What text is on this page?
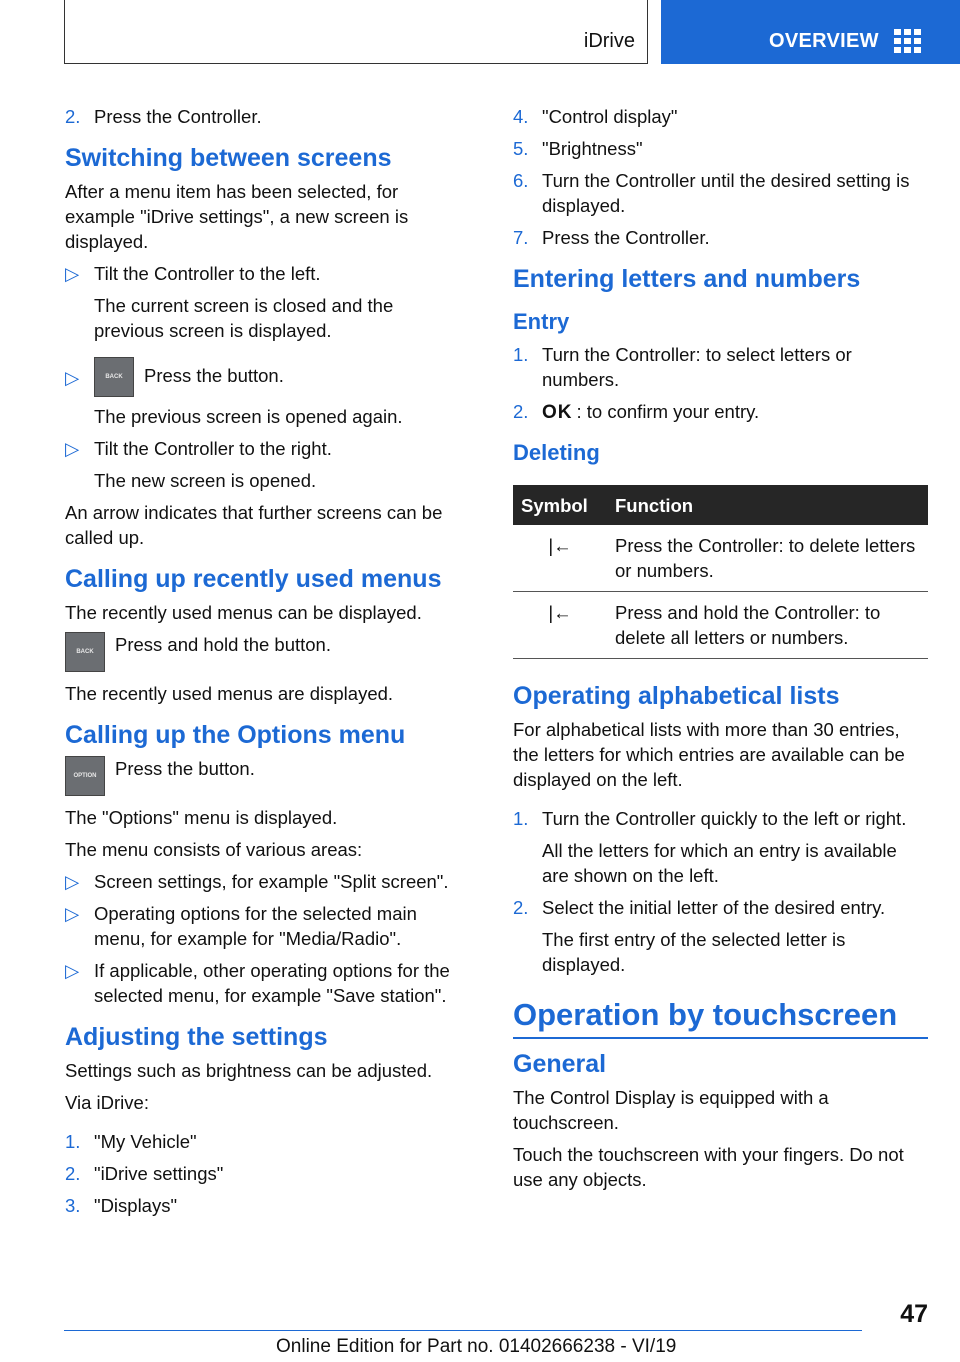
iDrive	OVERVIEW
2. Press the Controller.
Switching between screens

After a menu item has been selected, for example "iDrive settings", a new screen is displayed.

▷ Tilt the Controller to the left.
The current screen is closed and the previous screen is displayed.
▷	BACK Press the button.
The previous screen is opened again.
▷ Tilt the Controller to the right.
The new screen is opened.

An arrow indicates that further screens can be called up.

Calling up recently used menus

The recently used menus can be displayed.

BACK	Press and hold the button.

The recently used menus are displayed.

Calling up the Options menu
OPTION	Press the button.

The "Options" menu is displayed.

The menu consists of various areas:

▷ Screen settings, for example "Split screen".
▷ Operating options for the selected main menu, for example for "Media/Radio".
▷ If applicable, other operating options for the selected menu, for example "Save station".
Adjusting the settings

Settings such as brightness can be adjusted.

Via iDrive:

1. "My Vehicle"
2. "iDrive settings"
3. "Displays"
4. "Control display"
5. "Brightness"
6. Turn the Controller until the desired setting is displayed.
7. Press the Controller.
Entering letters and numbers
Entry
1. Turn the Controller: to select letters or numbers.
2. OK : to confirm your entry.
Deleting
Symbol	Function
|←	Press the Controller: to delete letters or numbers.
|←	Press and hold the Controller: to delete all letters or numbers.
Operating alphabetical lists

For alphabetical lists with more than 30 entries, the letters for which entries are available can be displayed on the left.

1. Turn the Controller quickly to the left or right.
All the letters for which an entry is available are shown on the left.
2. Select the initial letter of the desired entry.
The first entry of the selected letter is displayed.
Operation by touchscreen
General

The Control Display is equipped with a touchscreen.

Touch the touchscreen with your fingers. Do not use any objects.

47
Online Edition for Part no. 01402666238 - VI/19
